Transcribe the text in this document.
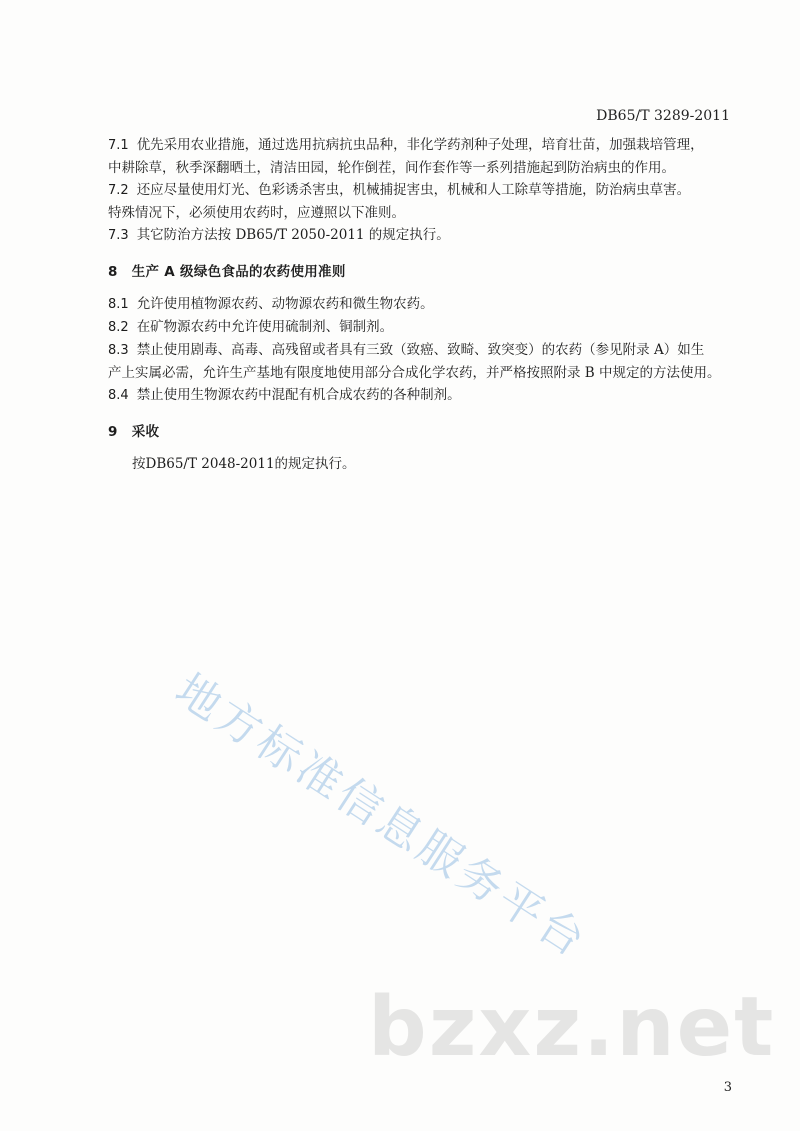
DB65/T 3289-2011

7.1 优先采用农业措施，通过选用抗病抗虫品种，非化学药剂种子处理，培育壮苗，加强栽培管理，

中耕除草，秋季深翻晒土，清洁田园，轮作倒茬，间作套作等一系列措施起到防治病虫的作用。

7.2 还应尽量使用灯光、色彩诱杀害虫，机械捕捉害虫，机械和人工除草等措施，防治病虫草害。

特殊情况下，必须使用农药时，应遵照以下准则。

7.3 其它防治方法按 DB65/T 2050-2011 的规定执行。

8 生产 A 级绿色食品的农药使用准则

8.1 允许使用植物源农药、动物源农药和微生物农药。

8.2 在矿物源农药中允许使用硫制剂、铜制剂。

8.3 禁止使用剧毒、高毒、高残留或者具有三致（致癌、致畸、致突变）的农药（参见附录 A）如生

产上实属必需，允许生产基地有限度地使用部分合成化学农药，并严格按照附录 B 中规定的方法使用。

8.4 禁止使用生物源农药中混配有机合成农药的各种制剂。

9 采收

按DB65/T 2048-2011的规定执行。

地方标准信息服务平台
bzxz.net
3
